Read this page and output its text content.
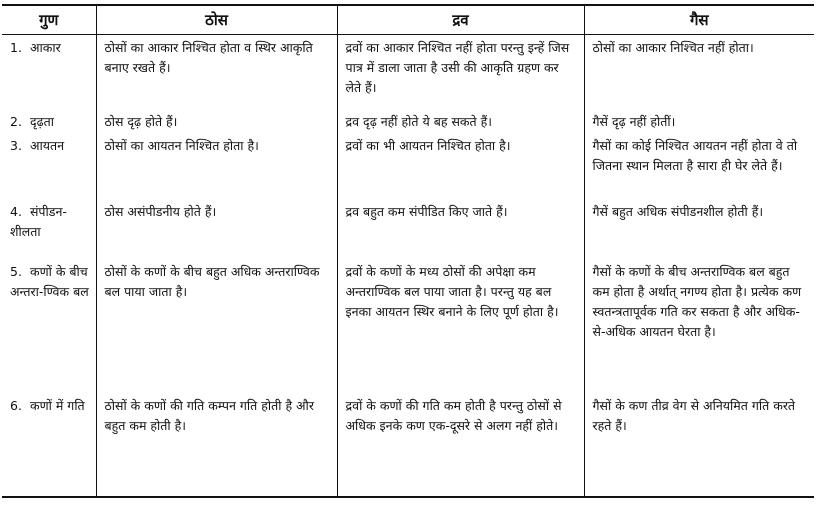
गुण	ठोस	द्रव	गैस
1. आकार	ठोसों का आकार निश्चित होता व स्थिर आकृति बनाए रखते हैं।	द्रवों का आकार निश्चित नहीं होता परन्तु इन्हें जिस पात्र में डाला जाता है उसी की आकृति ग्रहण कर लेते हैं।	ठोसों का आकार निश्चित नहीं होता।
2. दृढ़ता	ठोस दृढ़ होते हैं।	द्रव दृढ़ नहीं होते ये बह सकते हैं।	गैसें दृढ़ नहीं होतीं।
3. आयतन	ठोसों का आयतन निश्चित होता है।	द्रवों का भी आयतन निश्चित होता है।	गैसों का कोई निश्चित आयतन नहीं होता वे तो जितना स्थान मिलता है सारा ही घेर लेते हैं।
4. संपीडन-शीलता	ठोस असंपीडनीय होते हैं।	द्रव बहुत कम संपीडित किए जाते हैं।	गैसें बहुत अधिक संपीडनशील होती हैं।
5. कणों के बीच अन्तरा-ण्विक बल	ठोसों के कणों के बीच बहुत अधिक अन्तराण्विक बल पाया जाता है।	द्रवों के कणों के मध्य ठोसों की अपेक्षा कम अन्तराण्विक बल पाया जाता है। परन्तु यह बल इनका आयतन स्थिर बनाने के लिए पूर्ण होता है।	गैसों के कणों के बीच अन्तराण्विक बल बहुत कम होता है अर्थात् नगण्य होता है। प्रत्येक कण स्वतन्त्रतापूर्वक गति कर सकता है और अधिक-से-अधिक आयतन घेरता है।
6. कणों में गति	ठोसों के कणों की गति कम्पन गति होती है और बहुत कम होती है।	द्रवों के कणों की गति कम होती है परन्तु ठोसों से अधिक इनके कण एक-दूसरे से अलग नहीं होते।	गैसों के कण तीव्र वेग से अनियमित गति करते रहते हैं।
